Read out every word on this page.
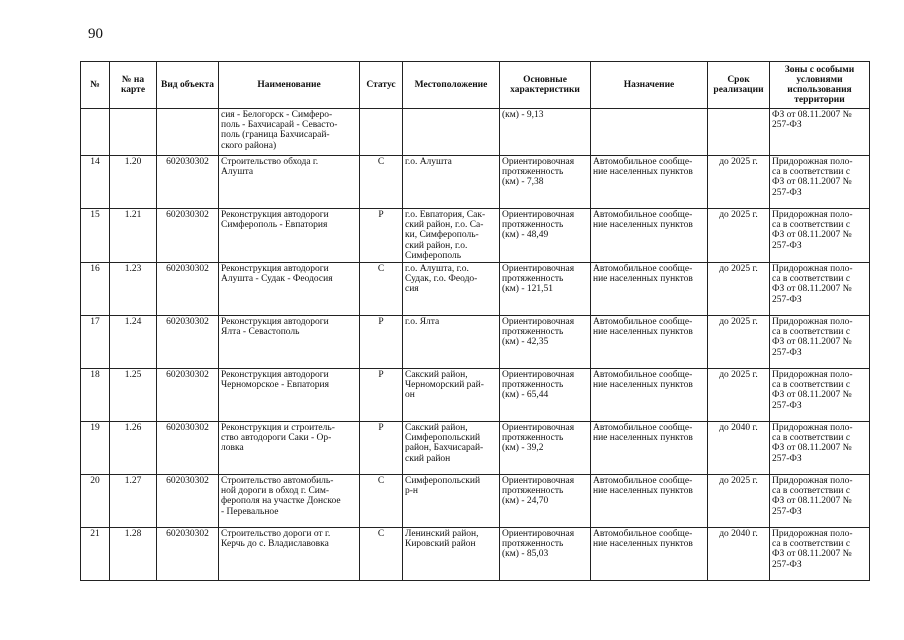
90
№	№ на карте	Вид объекта	Наименование	Статус	Местоположение	Основные характеристики	Назначение	Срок реализации	Зоны с особыми условиями использования территории
			сия - Белогорск - Симферо-
поль - Бахчисарай - Севасто-
поль (граница Бахчисарай-
ского района)			(км) - 9,13			ФЗ от 08.11.2007 №
257-ФЗ
14	1.20	602030302	Строительство обхода г.
Алушта	С	г.о. Алушта	Ориентировочная
протяженность
(км) - 7,38	Автомобильное сообще-
ние населенных пунктов	до 2025 г.	Придорожная поло-
са в соответствии с
ФЗ от 08.11.2007 №
257-ФЗ
15	1.21	602030302	Реконструкция автодороги
Симферополь - Евпатория	Р	г.о. Евпатория, Сак-
ский район, г.о. Са-
ки, Симферополь-
ский район, г.о.
Симферополь	Ориентировочная
протяженность
(км) - 48,49	Автомобильное сообще-
ние населенных пунктов	до 2025 г.	Придорожная поло-
са в соответствии с
ФЗ от 08.11.2007 №
257-ФЗ
16	1.23	602030302	Реконструкция автодороги
Алушта - Судак - Феодосия	С	г.о. Алушта, г.о.
Судак, г.о. Феодо-
сия	Ориентировочная
протяженность
(км) - 121,51	Автомобильное сообще-
ние населенных пунктов	до 2025 г.	Придорожная поло-
са в соответствии с
ФЗ от 08.11.2007 №
257-ФЗ
17	1.24	602030302	Реконструкция автодороги
Ялта - Севастополь	Р	г.о. Ялта	Ориентировочная
протяженность
(км) - 42,35	Автомобильное сообще-
ние населенных пунктов	до 2025 г.	Придорожная поло-
са в соответствии с
ФЗ от 08.11.2007 №
257-ФЗ
18	1.25	602030302	Реконструкция автодороги
Черноморское - Евпатория	Р	Сакский район,
Черноморский рай-
он	Ориентировочная
протяженность
(км) - 65,44	Автомобильное сообще-
ние населенных пунктов	до 2025 г.	Придорожная поло-
са в соответствии с
ФЗ от 08.11.2007 №
257-ФЗ
19	1.26	602030302	Реконструкция и строитель-
ство автодороги Саки - Ор-
ловка	Р	Сакский район,
Симферопольский
район, Бахчисарай-
ский район	Ориентировочная
протяженность
(км) - 39,2	Автомобильное сообще-
ние населенных пунктов	до 2040 г.	Придорожная поло-
са в соответствии с
ФЗ от 08.11.2007 №
257-ФЗ
20	1.27	602030302	Строительство автомобиль-
ной дороги в обход г. Сим-
ферополя на участке Донское
- Перевальное	С	Симферопольский
р-н	Ориентировочная
протяженность
(км) - 24,70	Автомобильное сообще-
ние населенных пунктов	до 2025 г.	Придорожная поло-
са в соответствии с
ФЗ от 08.11.2007 №
257-ФЗ
21	1.28	602030302	Строительство дороги от г.
Керчь до с. Владиславовка	С	Ленинский район,
Кировский район	Ориентировочная
протяженность
(км) - 85,03	Автомобильное сообще-
ние населенных пунктов	до 2040 г.	Придорожная поло-
са в соответствии с
ФЗ от 08.11.2007 №
257-ФЗ
